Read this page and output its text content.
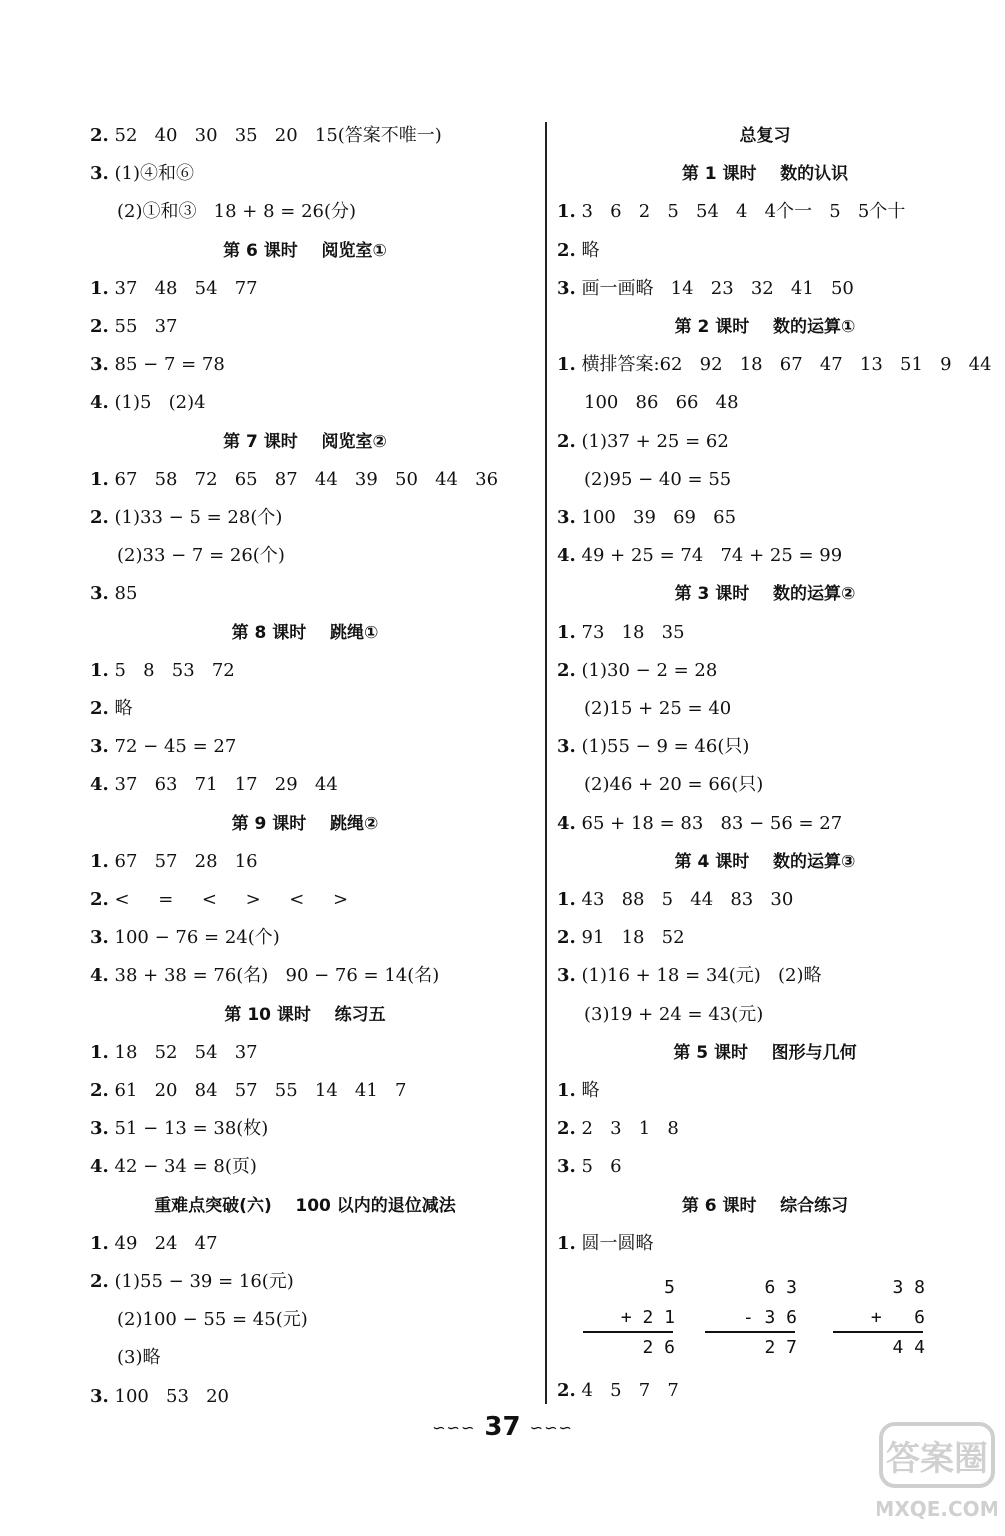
2. 52   40   30   35   20   15(答案不唯一)
3. (1)④和⑥
(2)①和③   18 + 8 = 26(分)
第 6 课时    阅览室①
1. 37   48   54   77
2. 55   37
3. 85 − 7 = 78
4. (1)5   (2)4
第 7 课时    阅览室②
1. 67   58   72   65   87   44   39   50   44   36
2. (1)33 − 5 = 28(个)
(2)33 − 7 = 26(个)
3. 85
第 8 课时    跳绳①
1. 5   8   53   72
2. 略
3. 72 − 45 = 27
4. 37   63   71   17   29   44
第 9 课时    跳绳②
1. 67   57   28   16
2. <     =     <     >     <     >
3. 100 − 76 = 24(个)
4. 38 + 38 = 76(名)   90 − 76 = 14(名)
第 10 课时    练习五
1. 18   52   54   37
2. 61   20   84   57   55   14   41   7
3. 51 − 13 = 38(枚)
4. 42 − 34 = 8(页)
重难点突破(六)    100 以内的退位减法
1. 49   24   47
2. (1)55 − 39 = 16(元)
(2)100 − 55 = 45(元)
(3)略
3. 100   53   20
总复习
第 1 课时    数的认识
1. 3   6   2   5   54   4   4个一   5   5个十
2. 略
3. 画一画略   14   23   32   41   50
第 2 课时    数的运算①
1. 横排答案:62   92   18   67   47   13   51   9   44
100   86   66   48
2. (1)37 + 25 = 62
(2)95 − 40 = 55
3. 100   39   69   65
4. 49 + 25 = 74   74 + 25 = 99
第 3 课时    数的运算②
1. 73   18   35
2. (1)30 − 2 = 28
(2)15 + 25 = 40
3. (1)55 − 9 = 46(只)
(2)46 + 20 = 66(只)
4. 65 + 18 = 83   83 − 56 = 27
第 4 课时    数的运算③
1. 43   88   5   44   83   30
2. 91   18   52
3. (1)16 + 18 = 34(元)   (2)略
(3)19 + 24 = 43(元)
第 5 课时    图形与几何
1. 略
2. 2   3   1   8
3. 5   6
第 6 课时    综合练习
1. 圆一圆略
5
+ 2 1
2 6
6 3
- 3 6
2 7
3 8
+   6
4 4
2. 4   5   7   7
∽∽∽ 37 ∽∽∽
答案圈
MXQE.COM
